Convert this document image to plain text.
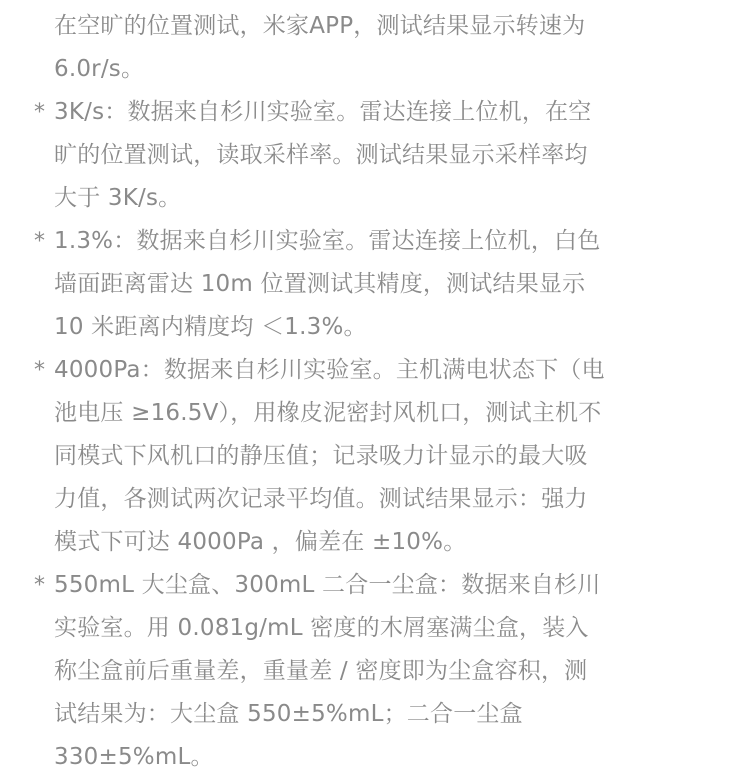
在空旷的位置测试，米家APP，测试结果显示转速为
6.0r/s。
* 3K/s：数据来自杉川实验室。雷达连接上位机，在空
旷的位置测试，读取采样率。测试结果显示采样率均
大于 3K/s。
* 1.3%：数据来自杉川实验室。雷达连接上位机，白色
墙面距离雷达 10m 位置测试其精度，测试结果显示
10 米距离内精度均 ＜1.3%。
* 4000Pa：数据来自杉川实验室。主机满电状态下（电
池电压 ≥16.5V），用橡皮泥密封风机口，测试主机不
同模式下风机口的静压值；记录吸力计显示的最大吸
力值，各测试两次记录平均值。测试结果显示：强力
模式下可达 4000Pa ，偏差在 ±10%。
* 550mL 大尘盒、300mL 二合一尘盒：数据来自杉川
实验室。用 0.081g/mL 密度的木屑塞满尘盒，装入
称尘盒前后重量差，重量差 / 密度即为尘盒容积，测
试结果为：大尘盒 550±5%mL；二合一尘盒
330±5%mL。
